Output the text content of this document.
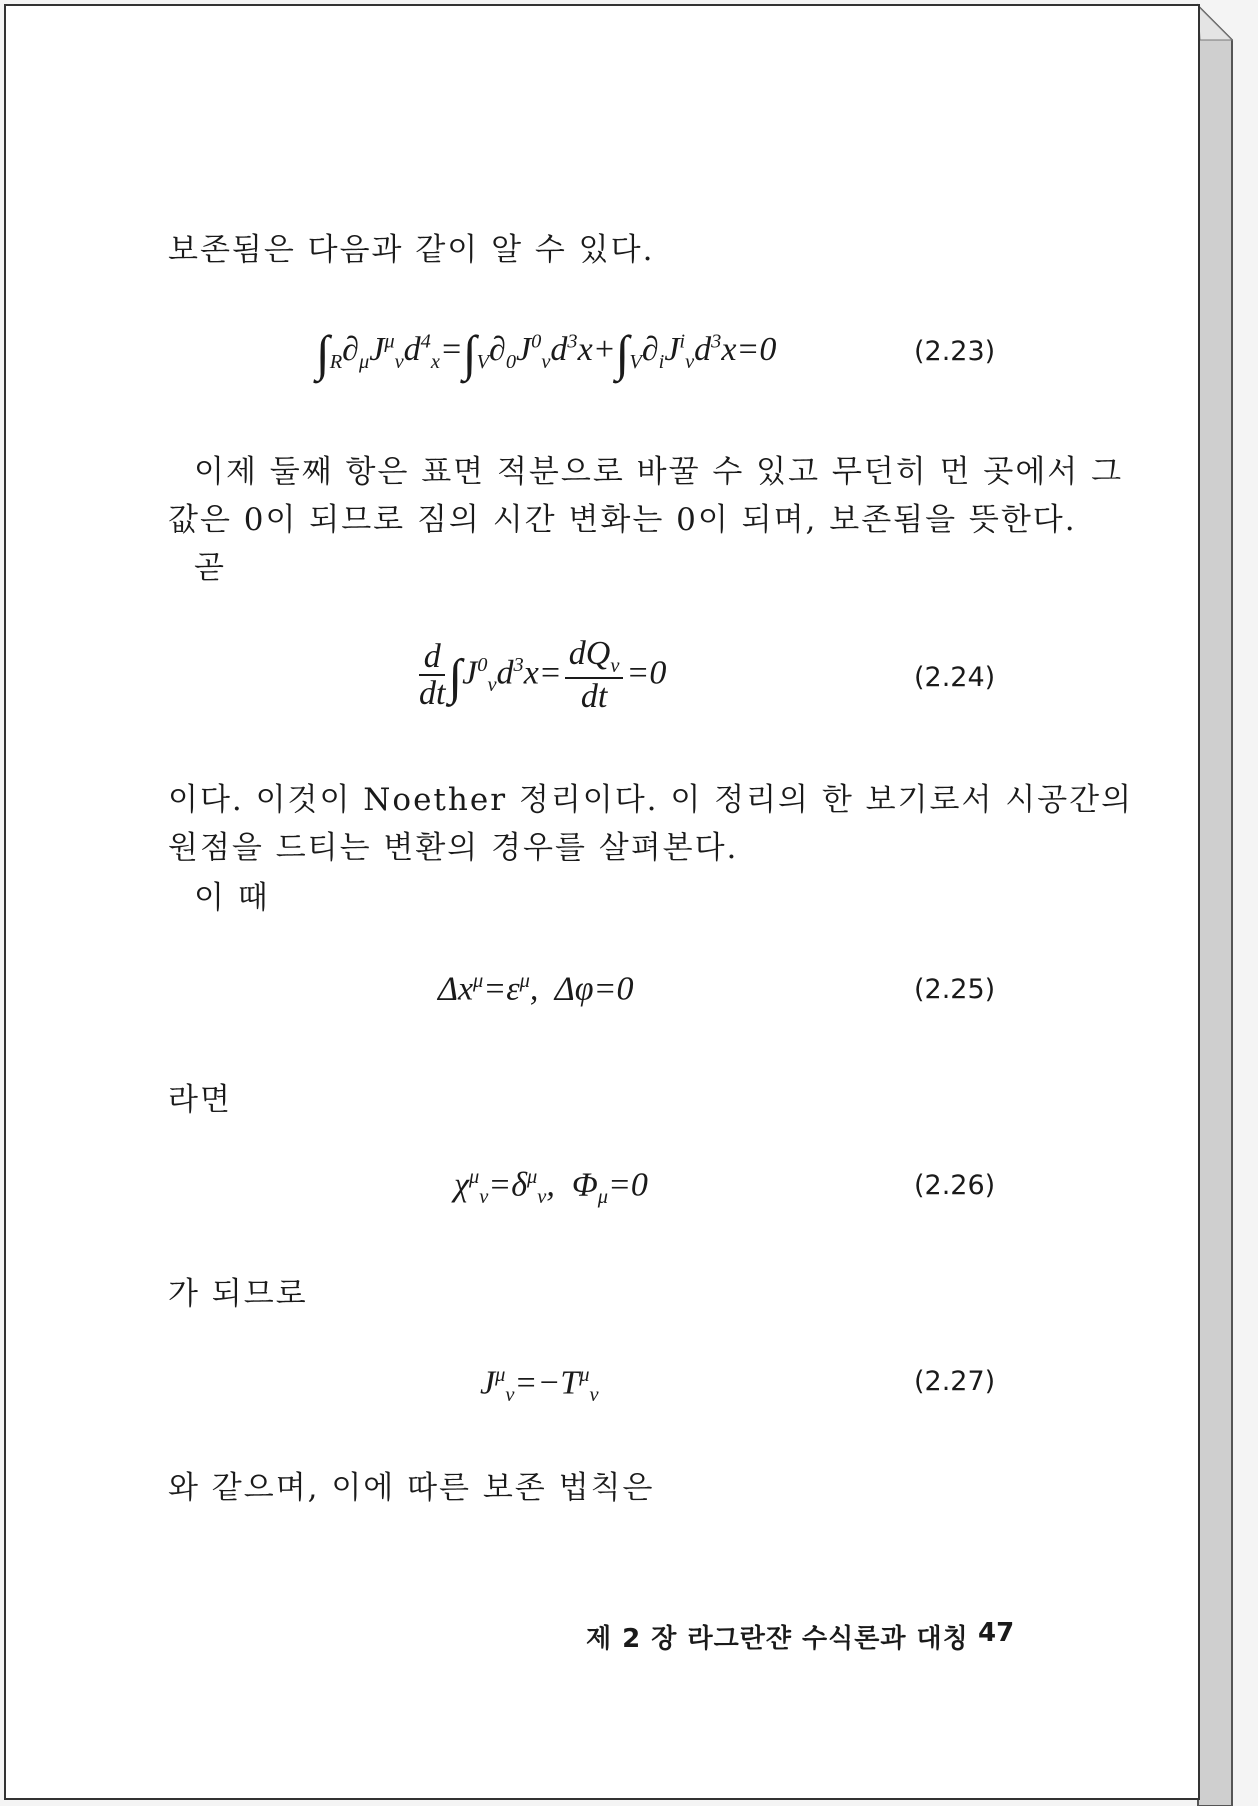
보존됨은 다음과 같이 알 수 있다.
$\int_R\partial_\mu J^\mu_\nu d^4_x=\int_V\partial_0J^0_\nu d^3x+\int_V\partial_iJ^i_\nu d^3x=0$	(2.23)
이제 둘째 항은 표면 적분으로 바꿀 수 있고 무던히 먼 곳에서 그
값은 0이 되므로 짐의 시간 변화는 0이 되며, 보존됨을 뜻한다.
곧
$\frac{d}{dt} \int J^0_\nu d^3x= \frac{dQ_\nu}{dt} =0$	(2.24)
이다. 이것이 Noether 정리이다. 이 정리의 한 보기로서 시공간의
원점을 드티는 변환의 경우를 살펴본다.
이 때
$\Delta x^\mu=\varepsilon^\mu$,  Δφ=0	(2.25)
라면
$\chi^\mu_\nu=\delta^\mu_\nu$,  $\Phi_\mu=0$	(2.26)
가 되므로
$J^\mu_\nu=-T^\mu_\nu$	(2.27)
와 같으며, 이에 따른 보존 법칙은
제 2 장 라그란쟌 수식론과 대칭 47
